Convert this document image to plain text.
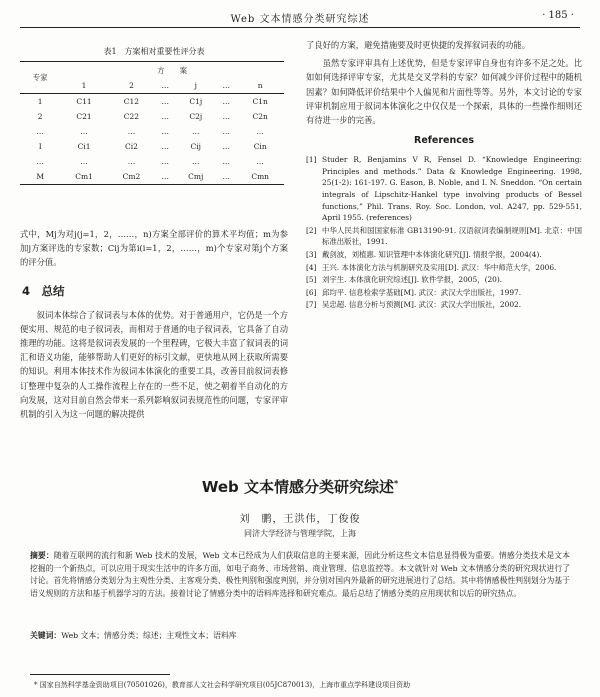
Web 文本情感分类研究综述	· 185 ·
表1　方案相对重要性评分表
专家	方　　案					
	1	2	…	j	…	n
1	C11	C12	…	C1j	…	C1n
2	C21	C22	…	C2j	…	C2n
…	…	…	…	…	…	…
I	Ci1	Ci2	…	Cij	…	Cin
…	…	…	…	…	…	…
M	Cm1	Cm2	…	Cmj	…	Cmn

式中，Mj为对j(j=1，2，……，n)方案全部评价的算术平均值；m为参加j方案评选的专家数；Cij为第i(i=1，2，……，m)个专家对第j个方案的评分值。

4　总结

叙词本体综合了叙词表与本体的优势。对于普通用户，它仍是一个方便实用、规范的电子叙词表，而相对于普通的电子叙词表，它具备了自动推理的功能。这将是叙词表发展的一个里程碑，它极大丰富了叙词表的词汇和语义功能，能够帮助人们更好的标引文献，更快地从网上获取所需要的知识。利用本体技术作为叙词本体演化的重要工具，改善目前叙词表修订整理中复杂的人工操作流程上存在的一些不足，使之朝着半自动化的方向发展，这对目前自然会带来一系列影响叙词表规范性的问题，专家评审机制的引入为这一问题的解决提供

了良好的方案，避免措施要及时更快捷的发挥叙词表的功能。

虽然专家评审具有上述优势，但是专家评审自身也有许多不足之处。比如如何选择评审专家，尤其是交叉学科的专家？如何减少评价过程中的随机因素？如何降低评价结果中个人偏见和片面性等等。另外，本文讨论的专家评审机制应用于叙词本体演化之中仅仅是一个探索，具体的一些操作细则还有待进一步的完善。

References
[1] Studer R, Benjamins V R, Fensel D. “Knowledge Engineering: Principles and methods.” Data & Knowledge Engineering. 1998, 25(1-2): 161-197. G. Eason, B. Noble, and I. N. Sneddon. “On certain integrals of Lipschitz-Hankel type involving products of Bessel functions,” Phil. Trans. Roy. Soc. London, vol. A247, pp. 529-551, April 1955. (references)
[2] 中华人民共和国国家标准 GB13190-91. 汉语叙词表编制规则[M]. 北京：中国标准出版社，1991.
[3] 戴剑波，刘植惠. 知识管理中本体演化研究[J]. 情报学报，2004(4).
[4] 王兴. 本体演化方法与机制研究及实用[D]. 武汉：华中师范大学，2006.
[5] 刘宇生. 本体演化研究综述[J]. 软件学报，2005，(20).
[6] 邱均平. 信息检索学基础[M]. 武汉：武汉大学出版社，1997.
[7] 吴忠超. 信息分析与预测[M]. 武汉：武汉大学出版社，2002.
Web 文本情感分类研究综述*
刘　鹏，王洪伟，丁俊俊
同济大学经济与管理学院，上海
摘要：随着互联网的流行和新 Web 技术的发展，Web 文本已经成为人们获取信息的主要来源，因此分析这些文本信息显得极为重要。情感分类技术是文本挖掘的一个新热点，可以应用于现实生活中的许多方面，如电子商务、市场营销、商业管理、信息监控等。本文就针对 Web 文本情感分类的研究现状进行了讨论。首先将情感分类划分为主观性分类、主客观分类、极性判别和强度判别，并分别对国内外最新的研究进展进行了总结。其中将情感极性判别划分为基于语义规则的方法和基于机器学习的方法。接着讨论了情感分类中的语料库选择和研究难点。最后总结了情感分类的应用现状和以后的研究热点。
关键词：Web 文本；情感分类；综述；主观性文本；语料库
* 国家自然科学基金资助项目(70501026)，教育部人文社会科学研究项目(05JC870013)，上海市重点学科建设项目资助
